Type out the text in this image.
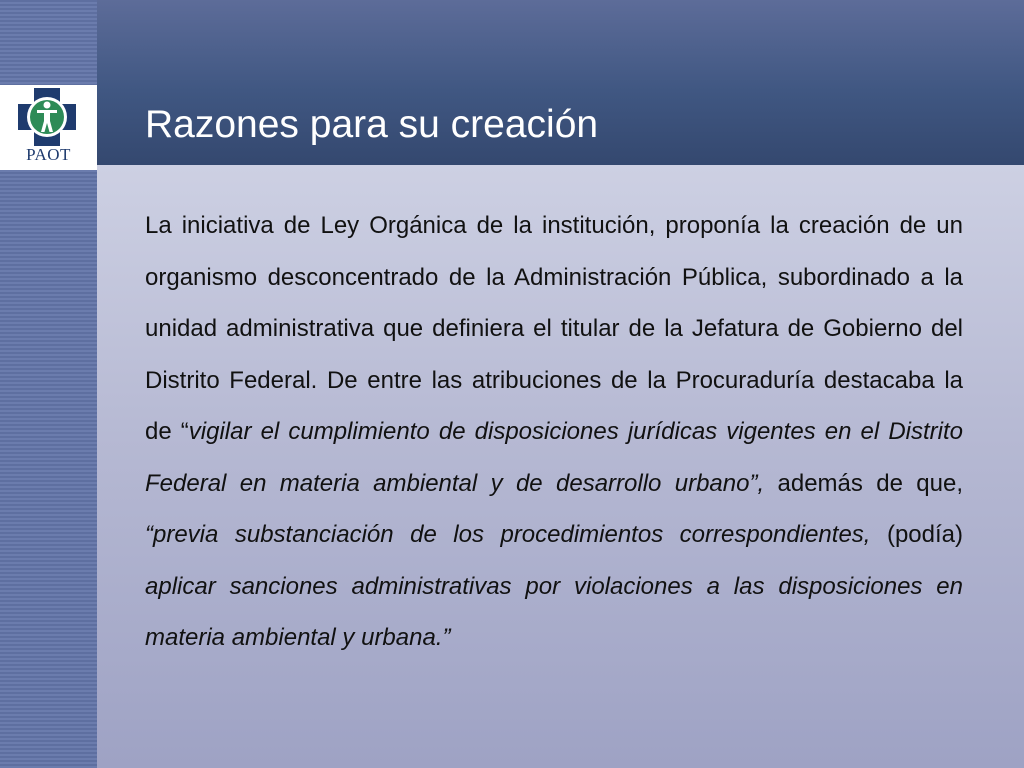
PAOT
Razones para su creación

La iniciativa de Ley Orgánica de la institución, proponía la creación de un organismo desconcentrado de la Administración Pública, subordinado a la unidad administrativa que definiera el titular de la Jefatura de Gobierno del Distrito Federal. De entre las atribuciones de la Procuraduría destacaba la de “vigilar el cumplimiento de disposiciones jurídicas vigentes en el Distrito Federal en materia ambiental y de desarrollo urbano”, además de que, “previa substanciación de los procedimientos correspondientes, (podía) aplicar sanciones administrativas por violaciones a las disposiciones en materia ambiental y urbana.”
